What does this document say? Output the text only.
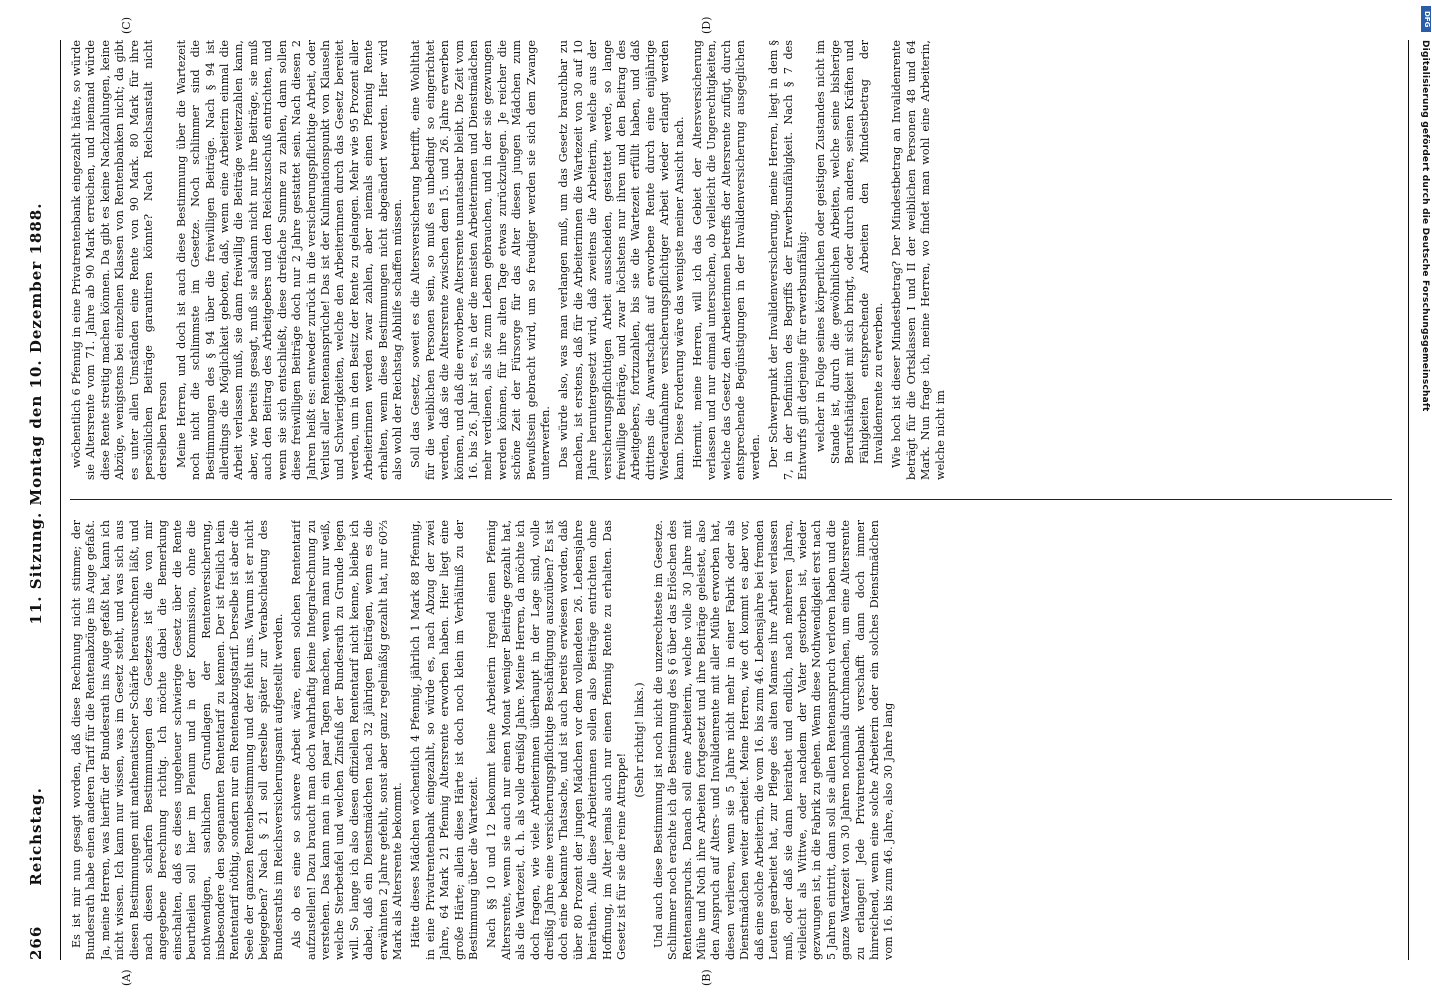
266
Reichstag.
11. Sitzung. Montag den 10. Dezember 1888.
(A)	(B)
(C)	(D)

Es ist mir nun gesagt worden, daß diese Rechnung nicht stimme; der Bundesrath habe einen anderen Tarif für die Rentenabzüge ins Auge gefaßt. Ja, meine Herren, was hierfür der Bundesrath ins Auge gefaßt hat, kann ich nicht wissen. Ich kann nur wissen, was im Gesetz steht, und was sich aus diesen Bestimmungen mit mathematischer Schärfe herausrechnen läßt, und nach diesen scharfen Bestimmungen des Gesetzes ist die von mir angegebene Berechnung richtig. Ich möchte dabei die Bemerkung einschalten, daß es dieses ungeheuer schwierige Gesetz über die Rente beurtheilen soll hier im Plenum und in der Kommission, ohne die nothwendigen, sachlichen Grundlagen der Rentenversicherung, insbesondere den sogenannten Rententarif zu kennen. Der ist freilich kein Rententarif nöthig, sondern nur ein Rentenabzugstarif. Derselbe ist aber die Seele der ganzen Rentenbestimmung und der fehlt uns. Warum ist er nicht beigegeben? Nach § 21 soll derselbe später zur Verabschiedung des Bundesraths im Reichsversicherungsamt aufgestellt werden. Als ob es eine so schwere Arbeit wäre, einen solchen Rententarif aufzustellen! Dazu braucht man doch wahrhaftig keine Integralrechnung zu verstehen. Das kann man in ein paar Tagen machen, wenn man nur weiß, welche Sterbetafel und welchen Zinsfuß der Bundesrath zu Grunde legen will. So lange ich also diesen offiziellen Rententarif nicht kenne, bleibe ich dabei, daß ein Dienstmädchen nach 32 jährigen Beiträgen, wenn es die erwähnten 2 Jahre gefehlt, sonst aber ganz regelmäßig gezahlt hat, nur 60⅔ Mark als Altersrente bekommt. Hätte dieses Mädchen wöchentlich 4 Pfennig, jährlich 1 Mark 88 Pfennig, in eine Privatrentenbank eingezahlt, so würde es, nach Abzug der zwei Jahre, 64 Mark 21 Pfennig Altersrente erworben haben. Hier liegt eine große Härte; allein diese Härte ist doch noch klein im Verhältniß zu der Bestimmung über die Wartezeit. Nach §§ 10 und 12 bekommt keine Arbeiterin irgend einen Pfennig Altersrente, wenn sie auch nur einen Monat weniger Beiträge gezahlt hat, als die Wartezeit, d. h. als volle dreißig Jahre. Meine Herren, da möchte ich doch fragen, wie viele Arbeiterinnen überhaupt in der Lage sind, volle dreißig Jahre eine versicherungspflichtige Beschäftigung auszuüben? Es ist doch eine bekannte Thatsache, und ist auch bereits erwiesen worden, daß über 80 Prozent der jungen Mädchen vor dem vollendeten 26. Lebensjahre heirathen. Alle diese Arbeiterinnen sollen also Beiträge entrichten ohne Hoffnung, im Alter jemals auch nur einen Pfennig Rente zu erhalten. Das Gesetz ist für sie die reine Attrappe!

(Sehr richtig! links.) Und auch diese Bestimmung ist noch nicht die unzerechteste im Gesetze. Schlimmer noch erachte ich die Bestimmung des § 6 über das Erlöschen des Rentenanspruchs. Danach soll eine Arbeiterin, welche volle 30 Jahre mit Mühe und Noth ihre Arbeiten fortgesetzt und ihre Beiträge geleistet, also den Anspruch auf Alters- und Invalidenrente mit aller Mühe erworben hat, diesen verlieren, wenn sie 5 Jahre nicht mehr in einer Fabrik oder als Dienstmädchen weiter arbeitet. Meine Herren, wie oft kommt es aber vor, daß eine solche Arbeiterin, die vom 16. bis zum 46. Lebensjahre bei fremden Leuten gearbeitet hat, zur Pflege des alten Mannes ihre Arbeit verlassen muß, oder daß sie dann heirathet und endlich, nach mehreren Jahren, vielleicht als Wittwe, oder nachdem der Vater gestorben ist, wieder gezwungen ist, in die Fabrik zu gehen. Wenn diese Nothwendigkeit erst nach 5 Jahren eintritt, dann soll sie allen Rentenanspruch verloren haben und die ganze Wartezeit von 30 Jahren nochmals durchmachen, um eine Altersrente zu erlangen! Jede Privatrentenbank verschafft dann doch immer hinreichend, wenn eine solche Arbeiterin oder ein solches Dienstmädchen vom 16. bis zum 46. Jahre, also 30 Jahre lang

wöchentlich 6 Pfennig in eine Privatrentenbank eingezahlt hätte, so würde sie Altersrente vom 71. Jahre ab 90 Mark erreichen, und niemand würde diese Rente streitig machen können. Da gibt es keine Nachzahlungen, keine Abzüge, wenigstens bei einzelnen Klassen von Rentenbanken nicht; da gibt es unter allen Umständen eine Rente von 90 Mark. 80 Mark für ihre persönlichen Beiträge garantiren könnte? Nach Reichsanstalt nicht derselben Person Meine Herren, und doch ist auch diese Bestimmung über die Wartezeit noch nicht die schlimmste im Gesetze. Noch schlimmer sind die Bestimmungen des § 94 über die freiwilligen Beiträge. Nach § 94 ist allerdings die Möglichkeit geboten, daß, wenn eine Arbeiterin einmal die Arbeit verlassen muß, sie dann freiwillig die Beiträge weiterzahlen kann, aber, wie bereits gesagt, muß sie alsdann nicht nur ihre Beiträge, sie muß auch den Beitrag des Arbeitgebers und den Reichszuschuß entrichten, und wenn sie sich entschließt, diese dreifache Summe zu zahlen, dann sollen diese freiwilligen Beiträge doch nur 2 Jahre gestattet sein. Nach diesen 2 Jahren heißt es: entweder zurück in die versicherungspflichtige Arbeit, oder Verlust aller Rentenansprüche! Das ist der Kulminationspunkt von Klauseln und Schwierigkeiten, welche den Arbeiterinnen durch das Gesetz bereitet werden, um in den Besitz der Rente zu gelangen. Mehr wie 95 Prozent aller Arbeiterinnen werden zwar zahlen, aber niemals einen Pfennig Rente erhalten, wenn diese Bestimmungen nicht abgeändert werden. Hier wird also wohl der Reichstag Abhilfe schaffen müssen. Soll das Gesetz, soweit es die Altersversicherung betrifft, eine Wohlthat für die weiblichen Personen sein, so muß es unbedingt so eingerichtet werden, daß sie die Altersrente zwischen dem 15. und 26. Jahre erwerben können, und daß die erworbene Altersrente unantastbar bleibt. Die Zeit vom 16. bis 26. Jahr ist es, in der die meisten Arbeiterinnen und Dienstmädchen mehr verdienen, als sie zum Leben gebrauchen, und in der sie gezwungen werden können, für ihre alten Tage etwas zurückzulegen. Je reicher die schöne Zeit der Fürsorge für das Alter diesen jungen Mädchen zum Bewußtsein gebracht wird, um so freudiger werden sie sich dem Zwange unterwerfen. Das würde also, was man verlangen muß, um das Gesetz brauchbar zu machen, ist erstens, daß für die Arbeiterinnen die Wartezeit von 30 auf 10 Jahre heruntergesetzt wird, daß zweitens die Arbeiterin, welche aus der versicherungspflichtigen Arbeit ausscheiden, gestattet werde, so lange freiwillige Beiträge, und zwar höchstens nur ihren und den Beitrag des Arbeitgebers, fortzuzahlen, bis sie die Wartezeit erfüllt haben, und daß drittens die Anwartschaft auf erworbene Rente durch eine einjährige Wiederaufnahme versicherungspflichtiger Arbeit wieder erlangt werden kann. Diese Forderung wäre das wenigste meiner Ansicht nach. Hiermit, meine Herren, will ich das Gebiet der Altersversicherung verlassen und nur einmal untersuchen, ob vielleicht die Ungerechtigkeiten, welche das Gesetz den Arbeiterinnen betreffs der Altersrente zufügt, durch entsprechende Begünstigungen in der Invalidenversicherung ausgeglichen werden. Der Schwerpunkt der Invalidenversicherung, meine Herren, liegt in dem § 7, in der Definition des Begriffs der Erwerbsunfähigkeit. Nach § 7 des Entwurfs gilt derjenige für erwerbsunfähig: welcher in Folge seines körperlichen oder geistigen Zustandes nicht im Stande ist, durch die gewöhnlichen Arbeiten, welche seine bisherige Berufsthätigkeit mit sich bringt, oder durch andere, seinen Kräften und Fähigkeiten entsprechende Arbeiten den Mindestbetrag der Invalidenrente zu erwerben. Wie hoch ist dieser Mindestbetrag? Der Mindestbetrag an Invalidenrente beträgt für die Ortsklassen I und II der weiblichen Personen 48 und 64 Mark. Nun frage ich, meine Herren, wo findet man wohl eine Arbeiterin, welche nicht im

DFG
Digitalisierung gefördert durch die Deutsche Forschungsgemeinschaft
